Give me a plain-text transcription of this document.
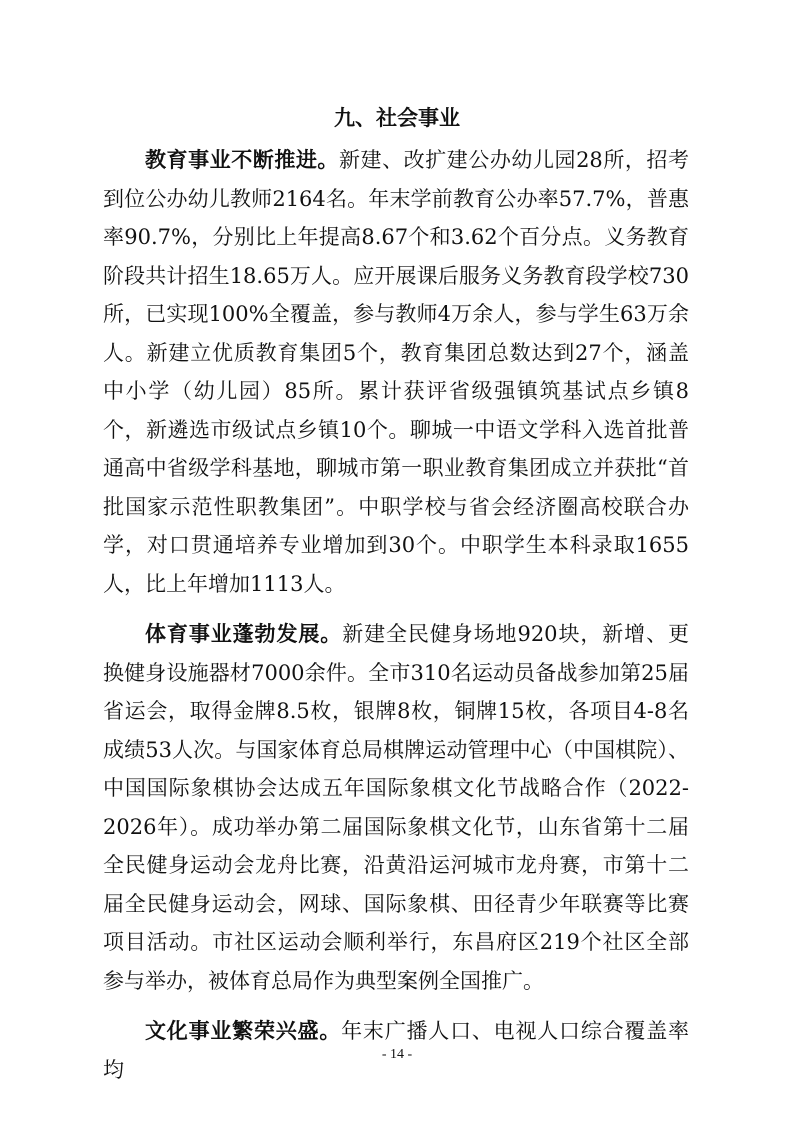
九、社会事业

教育事业不断推进。新建、改扩建公办幼儿园28所，招考到位公办幼儿教师2164名。年末学前教育公办率57.7%，普惠率90.7%，分别比上年提高8.67个和3.62个百分点。义务教育阶段共计招生18.65万人。应开展课后服务义务教育段学校730所，已实现100%全覆盖，参与教师4万余人，参与学生63万余人。新建立优质教育集团5个，教育集团总数达到27个，涵盖中小学（幼儿园）85所。累计获评省级强镇筑基试点乡镇8个，新遴选市级试点乡镇10个。聊城一中语文学科入选首批普通高中省级学科基地，聊城市第一职业教育集团成立并获批“首批国家示范性职教集团”。中职学校与省会经济圈高校联合办学，对口贯通培养专业增加到30个。中职学生本科录取1655人，比上年增加1113人。

体育事业蓬勃发展。新建全民健身场地920块，新增、更换健身设施器材7000余件。全市310名运动员备战参加第25届省运会，取得金牌8.5枚，银牌8枚，铜牌15枚，各项目4-8名成绩53人次。与国家体育总局棋牌运动管理中心（中国棋院）、中国国际象棋协会达成五年国际象棋文化节战略合作（2022-2026年）。成功举办第二届国际象棋文化节，山东省第十二届全民健身运动会龙舟比赛，沿黄沿运河城市龙舟赛，市第十二届全民健身运动会，网球、国际象棋、田径青少年联赛等比赛项目活动。市社区运动会顺利举行，东昌府区219个社区全部参与举办，被体育总局作为典型案例全国推广。

文化事业繁荣兴盛。年末广播人口、电视人口综合覆盖率均

- 14 -
